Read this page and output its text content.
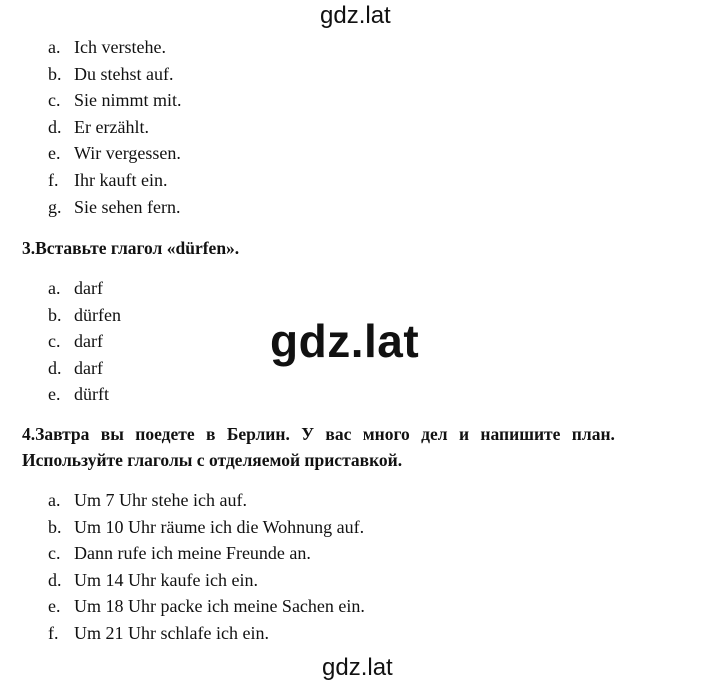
gdz.lat
a. Ich verstehe.
b. Du stehst auf.
c. Sie nimmt mit.
d. Er erzählt.
e. Wir vergessen.
f. Ihr kauft ein.
g. Sie sehen fern.
3.Вставьте глагол «dürfen».
a. darf
b. dürfen
c. darf
d. darf
e. dürft
gdz.lat
4.Завтра вы поедете в Берлин. У вас много дел и напишите план.
Используйте глаголы с отделяемой приставкой.
a. Um 7 Uhr stehe ich auf.
b. Um 10 Uhr räume ich die Wohnung auf.
c. Dann rufe ich meine Freunde an.
d. Um 14 Uhr kaufe ich ein.
e. Um 18 Uhr packe ich meine Sachen ein.
f. Um 21 Uhr schlafe ich ein.
gdz.lat
